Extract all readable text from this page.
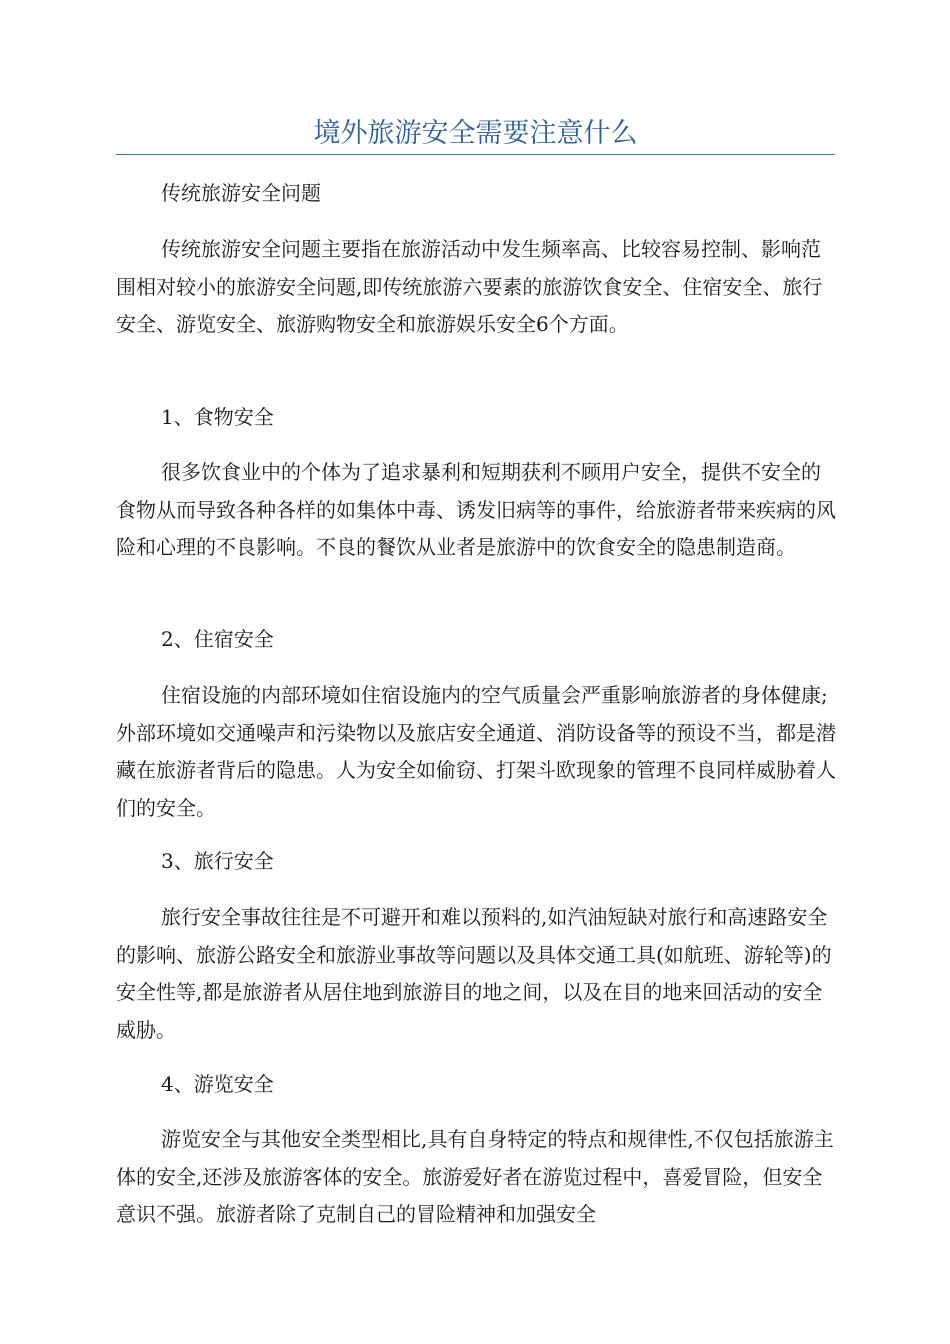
境外旅游安全需要注意什么

传统旅游安全问题

传统旅游安全问题主要指在旅游活动中发生频率高、比较容易控制、影响范围相对较小的旅游安全问题,即传统旅游六要素的旅游饮食安全、住宿安全、旅行安全、游览安全、旅游购物安全和旅游娱乐安全6个方面。

1、食物安全

很多饮食业中的个体为了追求暴利和短期获利不顾用户安全，提供不安全的食物从而导致各种各样的如集体中毒、诱发旧病等的事件，给旅游者带来疾病的风险和心理的不良影响。不良的餐饮从业者是旅游中的饮食安全的隐患制造商。

2、住宿安全

住宿设施的内部环境如住宿设施内的空气质量会严重影响旅游者的身体健康;外部环境如交通噪声和污染物以及旅店安全通道、消防设备等的预设不当，都是潜藏在旅游者背后的隐患。人为安全如偷窃、打架斗欧现象的管理不良同样威胁着人们的安全。

3、旅行安全

旅行安全事故往往是不可避开和难以预料的,如汽油短缺对旅行和高速路安全的影响、旅游公路安全和旅游业事故等问题以及具体交通工具(如航班、游轮等)的安全性等,都是旅游者从居住地到旅游目的地之间，以及在目的地来回活动的安全威胁。

4、游览安全

游览安全与其他安全类型相比,具有自身特定的特点和规律性,不仅包括旅游主体的安全,还涉及旅游客体的安全。旅游爱好者在游览过程中，喜爱冒险，但安全意识不强。旅游者除了克制自己的冒险精神和加强安全
